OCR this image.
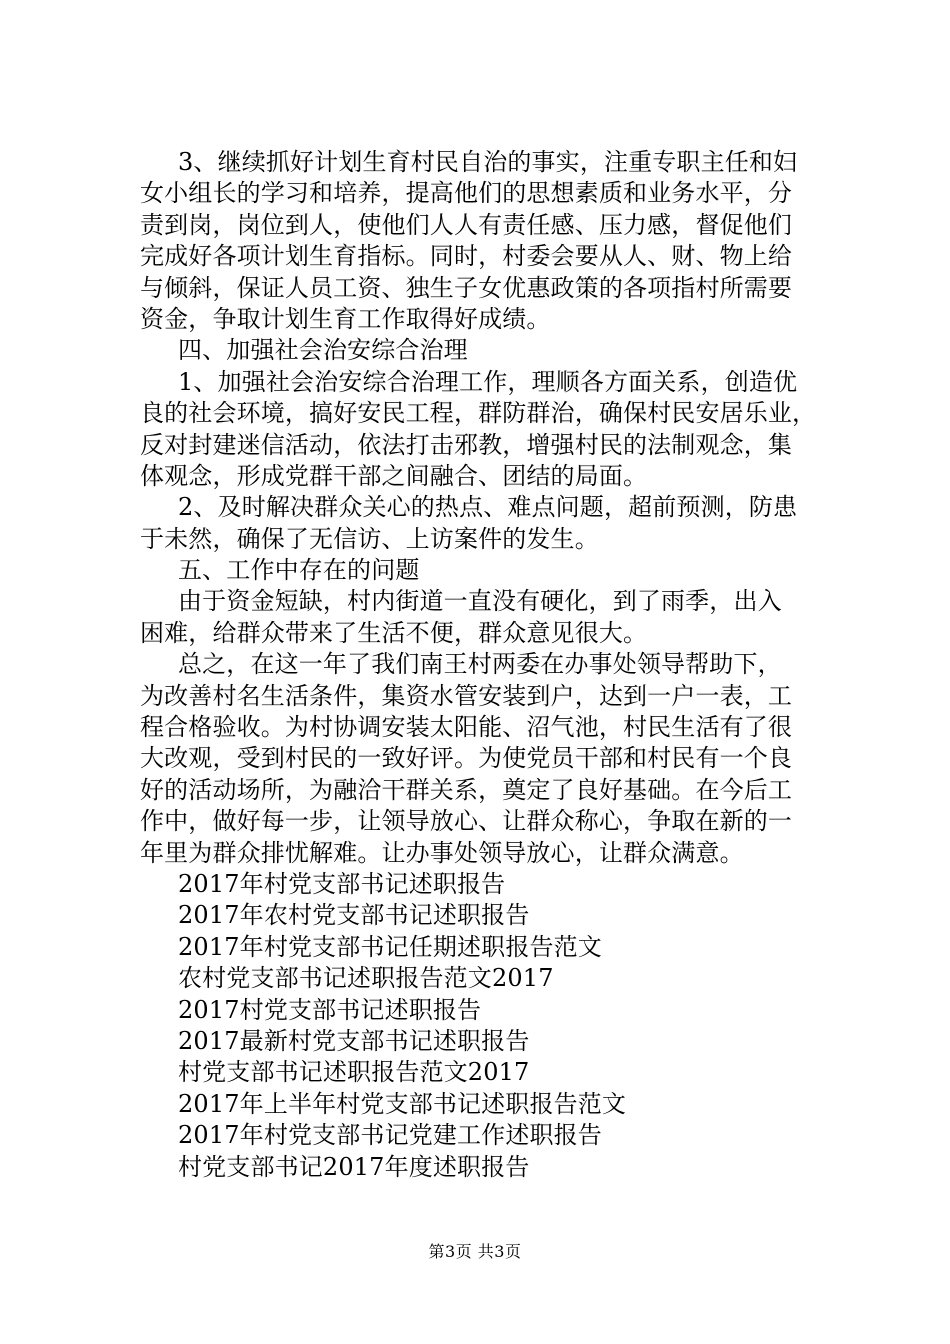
3、继续抓好计划生育村民自治的事实，注重专职主任和妇
女小组长的学习和培养，提高他们的思想素质和业务水平，分
责到岗，岗位到人，使他们人人有责任感、压力感，督促他们
完成好各项计划生育指标。同时，村委会要从人、财、物上给
与倾斜，保证人员工资、独生子女优惠政策的各项指村所需要
资金，争取计划生育工作取得好成绩。
四、加强社会治安综合治理
1、加强社会治安综合治理工作，理顺各方面关系，创造优
良的社会环境，搞好安民工程，群防群治，确保村民安居乐业，
反对封建迷信活动，依法打击邪教，增强村民的法制观念，集
体观念，形成党群干部之间融合、团结的局面。
2、及时解决群众关心的热点、难点问题，超前预测，防患
于未然，确保了无信访、上访案件的发生。
五、工作中存在的问题
由于资金短缺，村内街道一直没有硬化，到了雨季，出入
困难，给群众带来了生活不便，群众意见很大。
总之，在这一年了我们南王村两委在办事处领导帮助下，
为改善村名生活条件，集资水管安装到户，达到一户一表，工
程合格验收。为村协调安装太阳能、沼气池，村民生活有了很
大改观，受到村民的一致好评。为使党员干部和村民有一个良
好的活动场所，为融洽干群关系，奠定了良好基础。在今后工
作中，做好每一步，让领导放心、让群众称心，争取在新的一
年里为群众排忧解难。让办事处领导放心，让群众满意。
2017年村党支部书记述职报告
2017年农村党支部书记述职报告
2017年村党支部书记任期述职报告范文
农村党支部书记述职报告范文2017
2017村党支部书记述职报告
2017最新村党支部书记述职报告
村党支部书记述职报告范文2017
2017年上半年村党支部书记述职报告范文
2017年村党支部书记党建工作述职报告
村党支部书记2017年度述职报告
第3页 共3页
